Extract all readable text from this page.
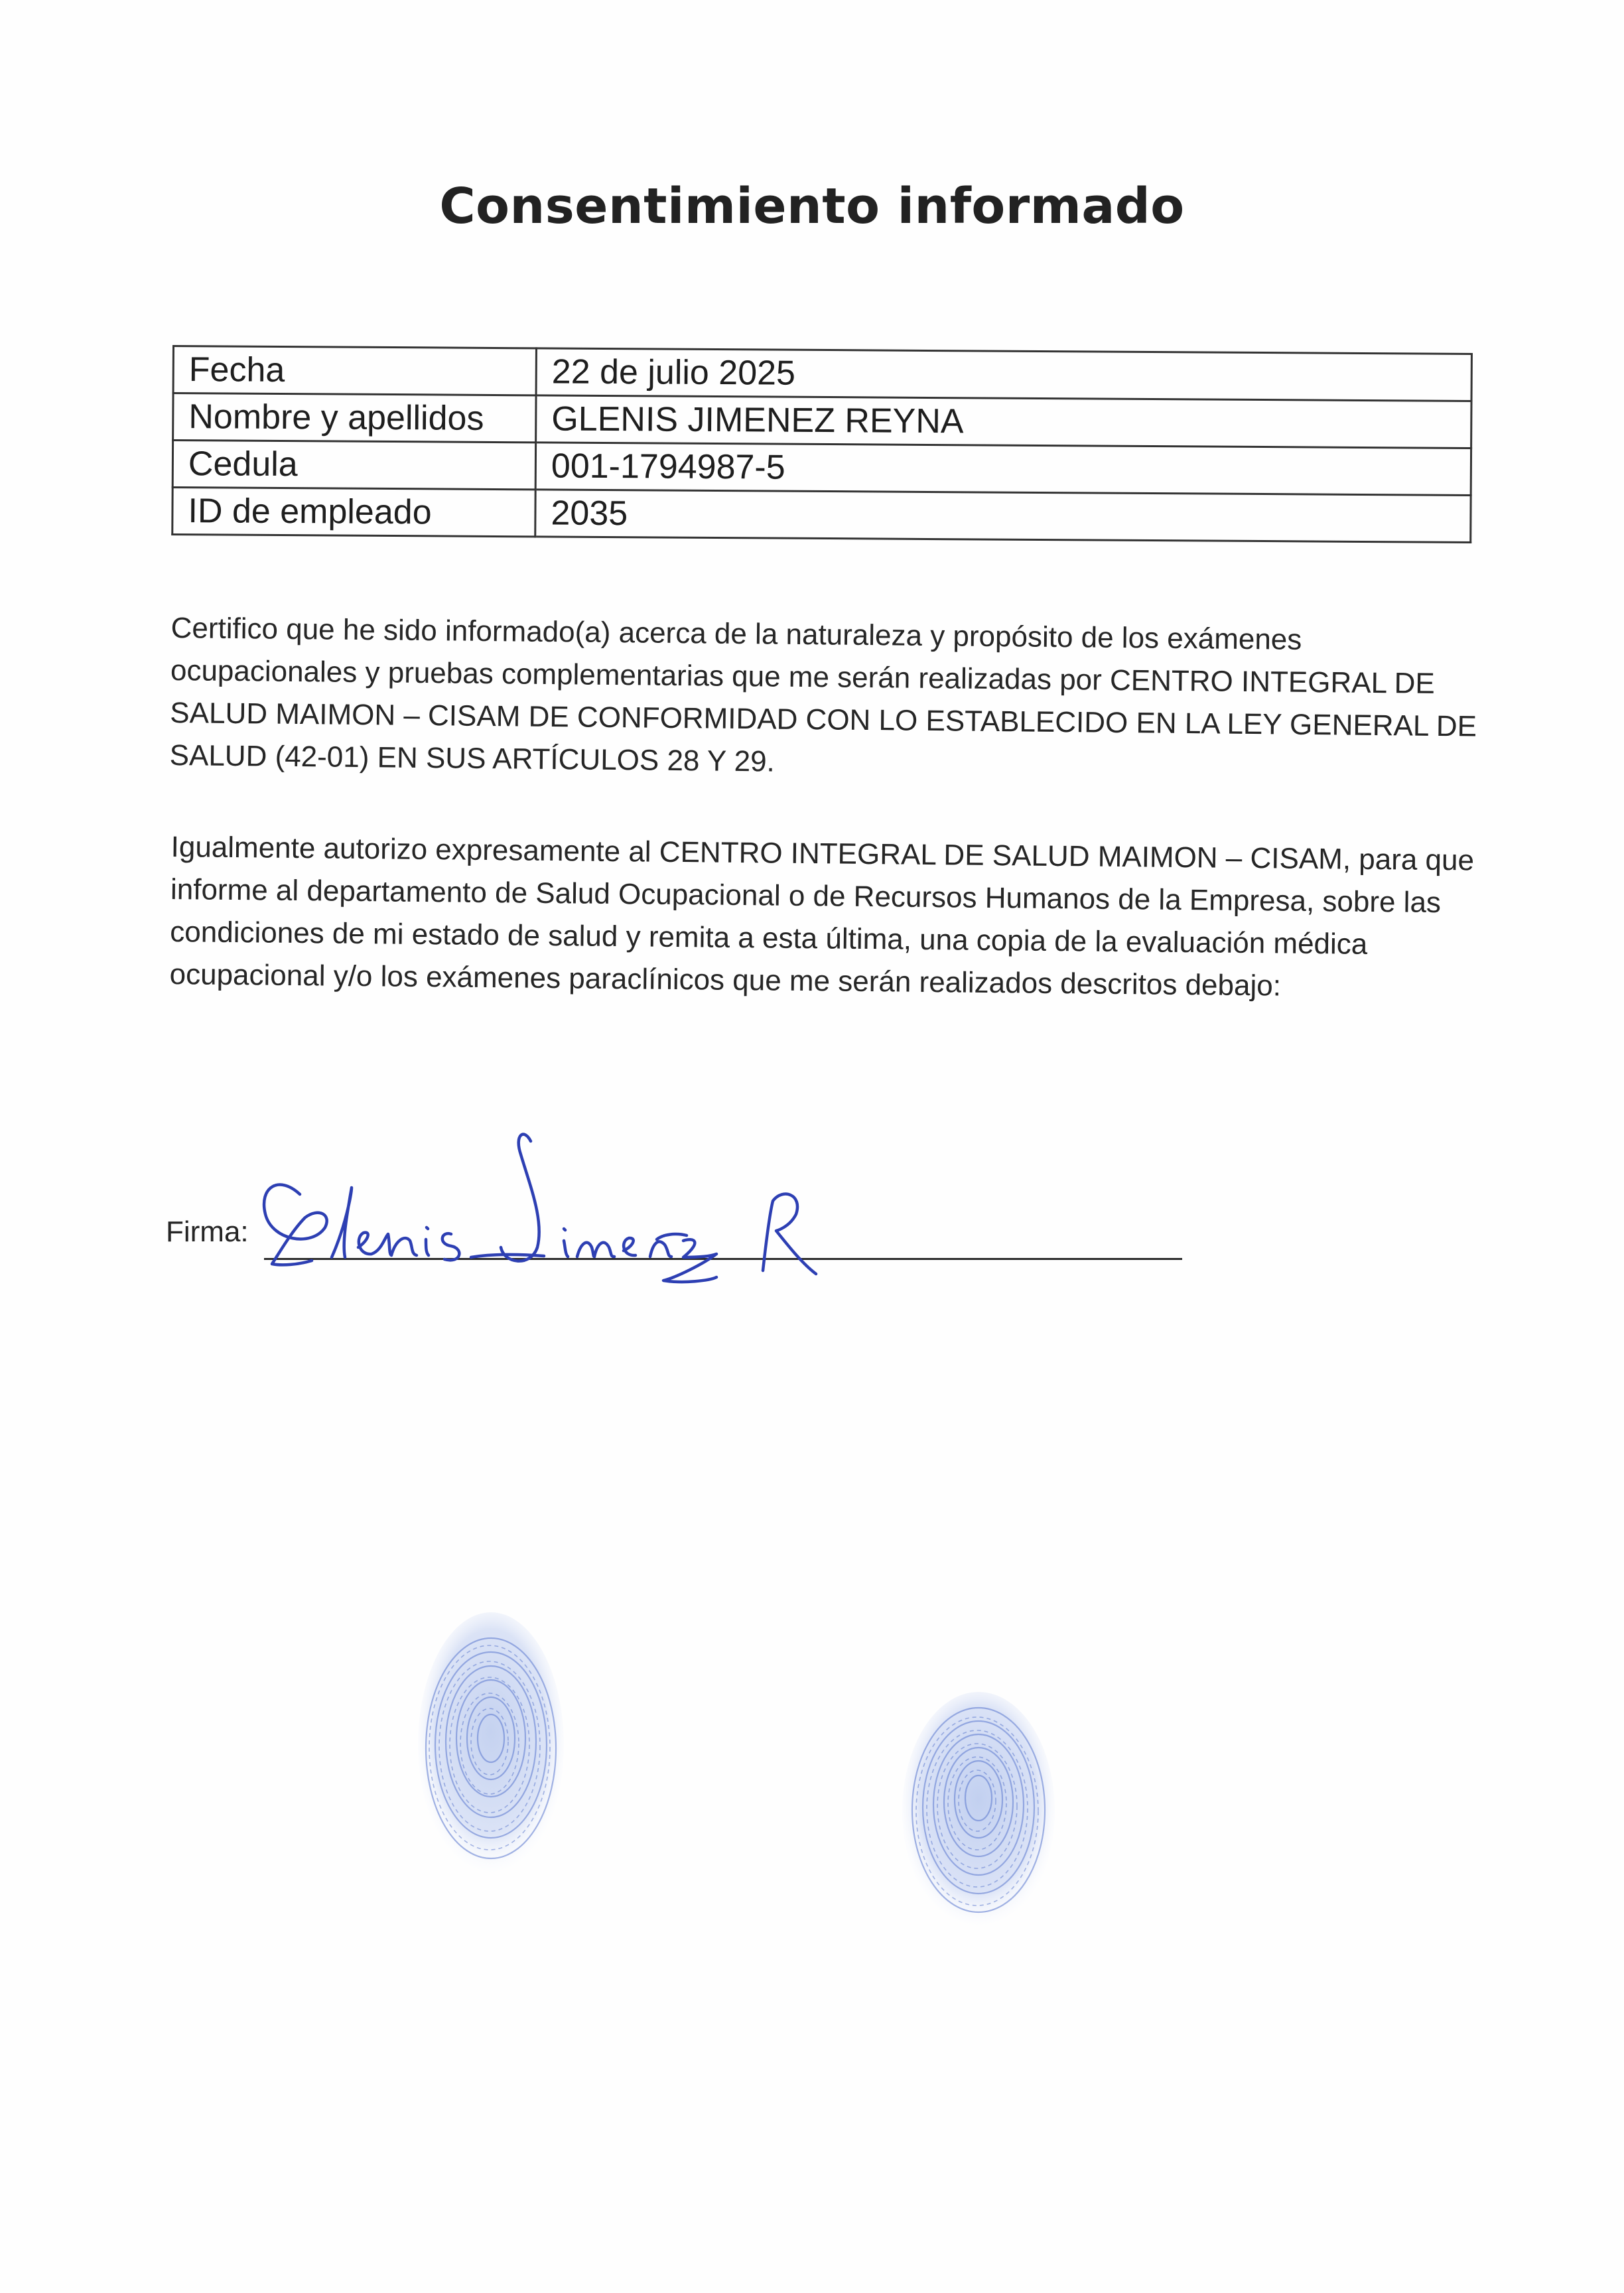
Consentimiento informado
Fecha	22 de julio 2025
Nombre y apellidos	GLENIS JIMENEZ REYNA
Cedula	001-1794987-5
ID de empleado	2035
Certifico que he sido informado(a) acerca de la naturaleza y propósito de los exámenes ocupacionales y pruebas complementarias que me serán realizadas por CENTRO INTEGRAL DE SALUD MAIMON – CISAM DE CONFORMIDAD CON LO ESTABLECIDO EN LA LEY GENERAL DE SALUD (42-01) EN SUS ARTÍCULOS 28 Y 29.
Igualmente autorizo expresamente al CENTRO INTEGRAL DE SALUD MAIMON – CISAM, para que informe al departamento de Salud Ocupacional o de Recursos Humanos de la Empresa, sobre las condiciones de mi estado de salud y remita a esta última, una copia de la evaluación médica ocupacional y/o los exámenes paraclínicos que me serán realizados descritos debajo:
Firma:
